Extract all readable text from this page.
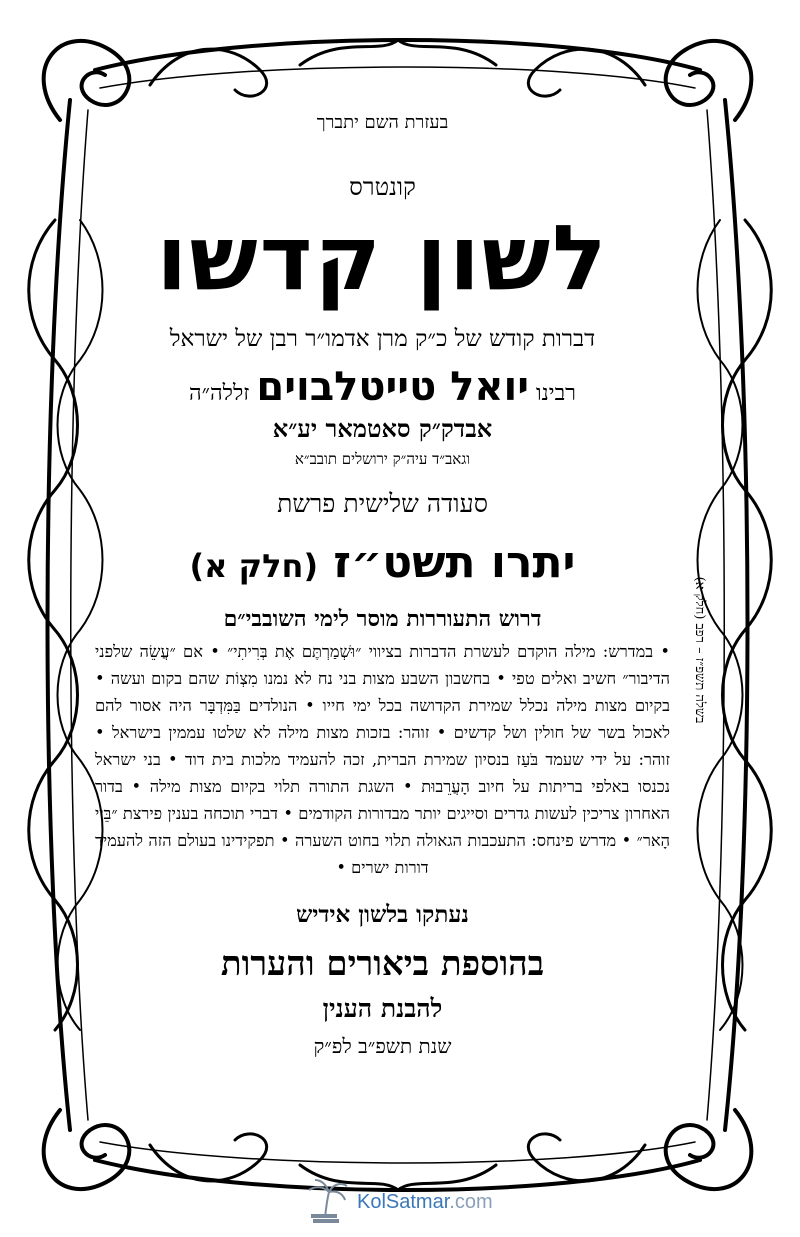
בעזרת השם יתברך
קונטרס
לשון קדשו
דברות קודש של כ״ק מרן אדמו״ר רבן של ישראל
רבינו יואל טייטלבוים זללה״ה
אבדק״ק סאטמאר יע״א
וגאב״ד עיה״ק ירושלים תובב״א
סעודה שלישית פרשת
יתרו תשט״ז (חלק א)
דרוש התעוררות מוסר לימי השובבי״ם
• במדרש: מילה הוקדם לעשרת הדברות בציווי ״וּשְׁמַרְתֶּם אֶת בְּרִיתִי״ • אם ״עֲשֵׂה שלפני הדיבור״ חשיב ואלים טפי • בחשבון השבע מצות בני נח לא נמנו מִצְוֹת שהם בקום ועשה • בקיום מצות מילה נכלל שמירת הקדושה בכל ימי חייו • הנולדים בַּמִּדְבָּר היה אסור להם לאכול בשר של חולין ושל קדשים • זוהר: בזכות מצות מילה לא שלטו עממין בישראל • זוהר: על ידי שעמד בֹּעַז בנסיון שמירת הברית, זכה להעמיד מלכות בית דוד • בני ישראל נכנסו באלפי בריתות על חיוב הָעֲרֵבוּת • השגת התורה תלוי בקיום מצות מילה • בדור האחרון צריכין לעשות גדרים וסייגים יותר מבדורות הקודמים • דברי תוכחה בענין פירצת ״בֵּיי הָאר״ • מדרש פינחס: התעכבות הגאולה תלוי בחוט השערה • תפקידינו בעולם הזה להעמיד דורות ישרים •
נעתקו בלשון אידיש
בהוספת ביאורים והערות
להבנת הענין
שנת תשפ״ב לפ״ק
בשלה תשפ״ז – רפב (חלק א)
KolSatmar.com
